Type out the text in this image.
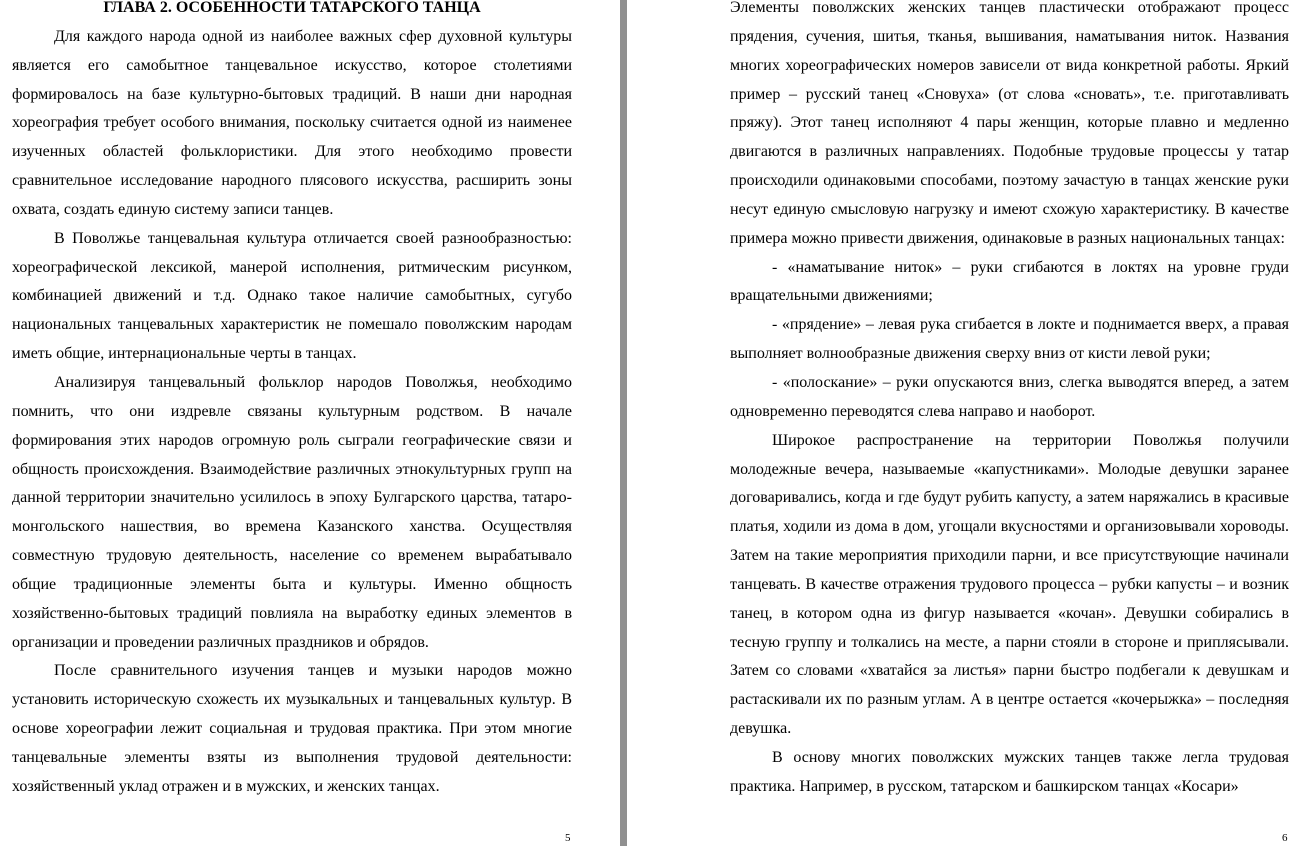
ГЛАВА 2. ОСОБЕННОСТИ ТАТАРСКОГО ТАНЦА

Для каждого народа одной из наиболее важных сфер духовной культуры является его самобытное танцевальное искусство, которое столетиями формировалось на базе культурно-бытовых традиций. В наши дни народная хореография требует особого внимания, поскольку считается одной из наименее изученных областей фольклористики. Для этого необходимо провести сравнительное исследование народного плясового искусства, расширить зоны охвата, создать единую систему записи танцев.

В Поволжье танцевальная культура отличается своей разнообразностью: хореографической лексикой, манерой исполнения, ритмическим рисунком, комбинацией движений и т.д. Однако такое наличие самобытных, сугубо национальных танцевальных характеристик не помешало поволжским народам иметь общие, интернациональные черты в танцах.

Анализируя танцевальный фольклор народов Поволжья, необходимо помнить, что они издревле связаны культурным родством. В начале формирования этих народов огромную роль сыграли географические связи и общность происхождения. Взаимодействие различных этнокультурных групп на данной территории значительно усилилось в эпоху Булгарского царства, татаро-монгольского нашествия, во времена Казанского ханства. Осуществляя совместную трудовую деятельность, население со временем вырабатывало общие традиционные элементы быта и культуры. Именно общность хозяйственно-бытовых традиций повлияла на выработку единых элементов в организации и проведении различных праздников и обрядов.

После сравнительного изучения танцев и музыки народов можно установить историческую схожесть их музыкальных и танцевальных культур. В основе хореографии лежит социальная и трудовая практика. При этом многие танцевальные элементы взяты из выполнения трудовой деятельности: хозяйственный уклад отражен и в мужских, и женских танцах.

5

Элементы поволжских женских танцев пластически отображают процесс прядения, сучения, шитья, тканья, вышивания, наматывания ниток. Названия многих хореографических номеров зависели от вида конкретной работы. Яркий пример – русский танец «Сновуха» (от слова «сновать», т.е. приготавливать пряжу). Этот танец исполняют 4 пары женщин, которые плавно и медленно двигаются в различных направлениях. Подобные трудовые процессы у татар происходили одинаковыми способами, поэтому зачастую в танцах женские руки несут единую смысловую нагрузку и имеют схожую характеристику. В качестве примера можно привести движения, одинаковые в разных национальных танцах:

- «наматывание ниток» – руки сгибаются в локтях на уровне груди вращательными движениями;

- «прядение» – левая рука сгибается в локте и поднимается вверх, а правая выполняет волнообразные движения сверху вниз от кисти левой руки;

- «полоскание» – руки опускаются вниз, слегка выводятся вперед, а затем одновременно переводятся слева направо и наоборот.

Широкое распространение на территории Поволжья получили молодежные вечера, называемые «капустниками». Молодые девушки заранее договаривались, когда и где будут рубить капусту, а затем наряжались в красивые платья, ходили из дома в дом, угощали вкусностями и организовывали хороводы. Затем на такие мероприятия приходили парни, и все присутствующие начинали танцевать. В качестве отражения трудового процесса – рубки капусты – и возник танец, в котором одна из фигур называется «кочан». Девушки собирались в тесную группу и толкались на месте, а парни стояли в стороне и приплясывали. Затем со словами «хватайся за листья» парни быстро подбегали к девушкам и растаскивали их по разным углам. А в центре остается «кочерыжка» – последняя девушка.

В основу многих поволжских мужских танцев также легла трудовая практика. Например, в русском, татарском и башкирском танцах «Косари»

6
